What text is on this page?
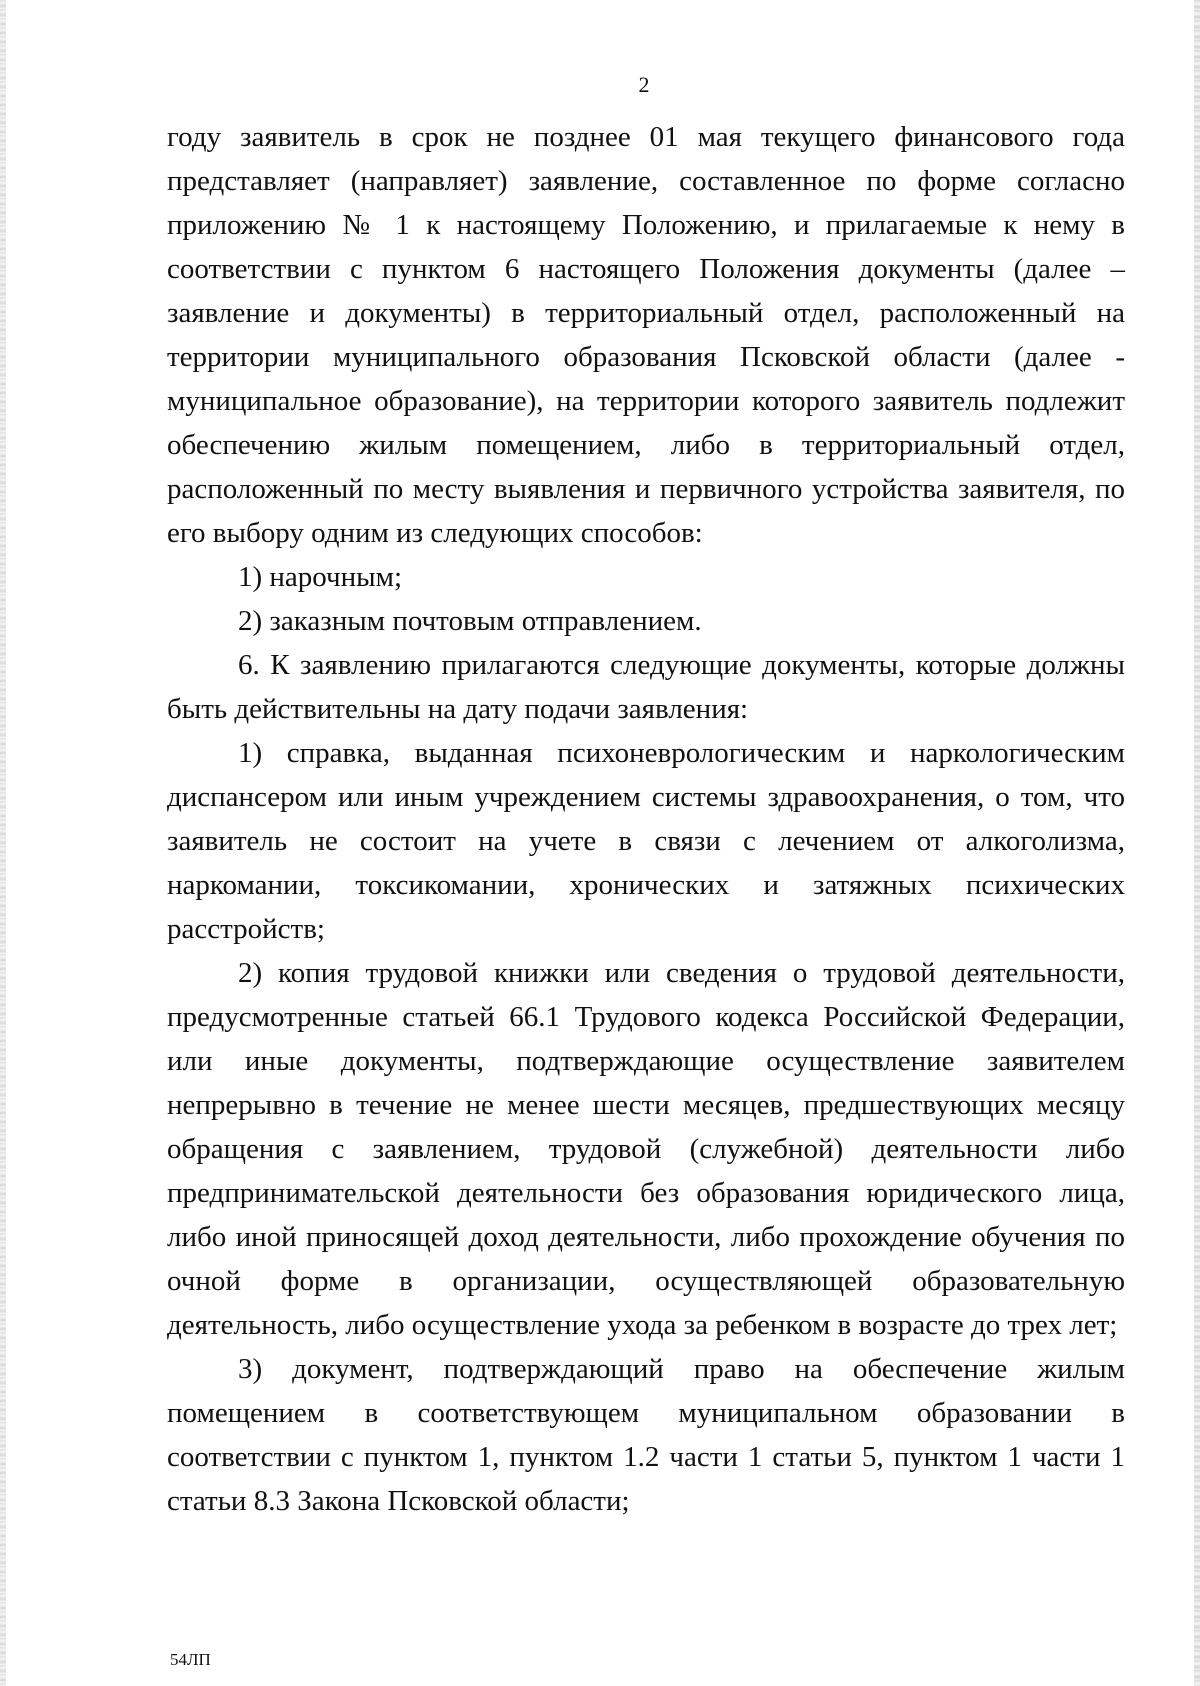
2

году заявитель в срок не позднее 01 мая текущего финансового года представляет (направляет) заявление, составленное по форме согласно приложению № 1 к настоящему Положению, и прилагаемые к нему в соответствии с пунктом 6 настоящего Положения документы (далее – заявление и документы) в территориальный отдел, расположенный на территории муниципального образования Псковской области (далее - муниципальное образование), на территории которого заявитель подлежит обеспечению жилым помещением, либо в территориальный отдел, расположенный по месту выявления и первичного устройства заявителя, по его выбору одним из следующих способов:

1) нарочным;

2) заказным почтовым отправлением.

6. К заявлению прилагаются следующие документы, которые должны быть действительны на дату подачи заявления:

1) справка, выданная психоневрологическим и наркологическим диспансером или иным учреждением системы здравоохранения, о том, что заявитель не состоит на учете в связи с лечением от алкоголизма, наркомании, токсикомании, хронических и затяжных психических расстройств;

2) копия трудовой книжки или сведения о трудовой деятельности, предусмотренные статьей 66.1 Трудового кодекса Российской Федерации, или иные документы, подтверждающие осуществление заявителем непрерывно в течение не менее шести месяцев, предшествующих месяцу обращения с заявлением, трудовой (служебной) деятельности либо предпринимательской деятельности без образования юридического лица, либо иной приносящей доход деятельности, либо прохождение обучения по очной форме в организации, осуществляющей образовательную деятельность, либо осуществление ухода за ребенком в возрасте до трех лет;

3) документ, подтверждающий право на обеспечение жилым помещением в соответствующем муниципальном образовании в соответствии с пунктом 1, пунктом 1.2 части 1 статьи 5, пунктом 1 части 1 статьи 8.3 Закона Псковской области;

54ЛП
